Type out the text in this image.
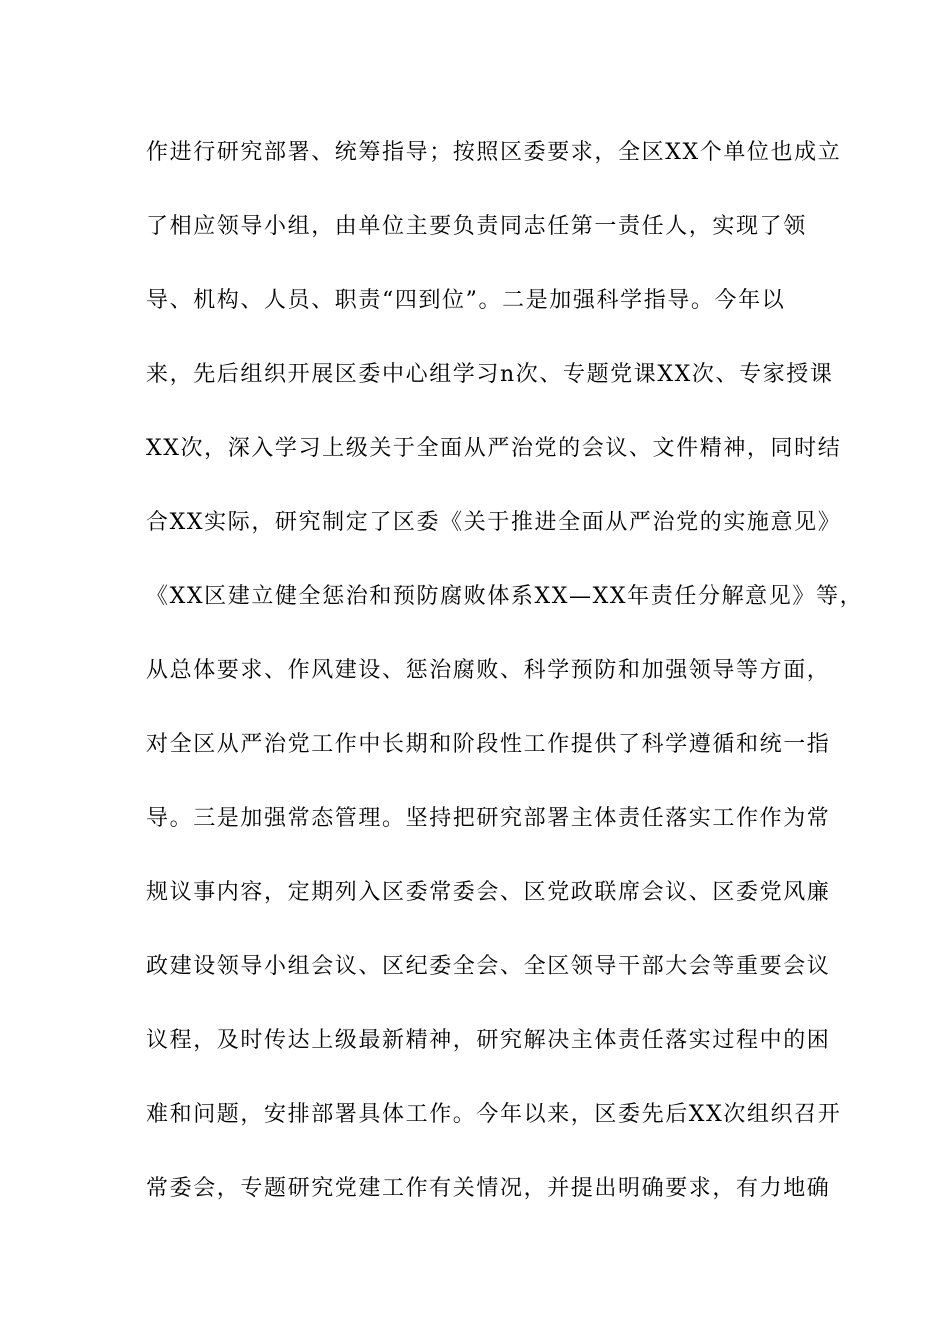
作进行研究部署、统筹指导；按照区委要求，全区XX个单位也成立
了相应领导小组，由单位主要负责同志任第一责任人，实现了领
导、机构、人员、职责“四到位”。二是加强科学指导。今年以
来，先后组织开展区委中心组学习n次、专题党课XX次、专家授课
XX次，深入学习上级关于全面从严治党的会议、文件精神，同时结
合XX实际，研究制定了区委《关于推进全面从严治党的实施意见》
《XX区建立健全惩治和预防腐败体系XX—XX年责任分解意见》等，
从总体要求、作风建设、惩治腐败、科学预防和加强领导等方面，
对全区从严治党工作中长期和阶段性工作提供了科学遵循和统一指
导。三是加强常态管理。坚持把研究部署主体责任落实工作作为常
规议事内容，定期列入区委常委会、区党政联席会议、区委党风廉
政建设领导小组会议、区纪委全会、全区领导干部大会等重要会议
议程，及时传达上级最新精神，研究解决主体责任落实过程中的困
难和问题，安排部署具体工作。今年以来，区委先后XX次组织召开
常委会，专题研究党建工作有关情况，并提出明确要求，有力地确
